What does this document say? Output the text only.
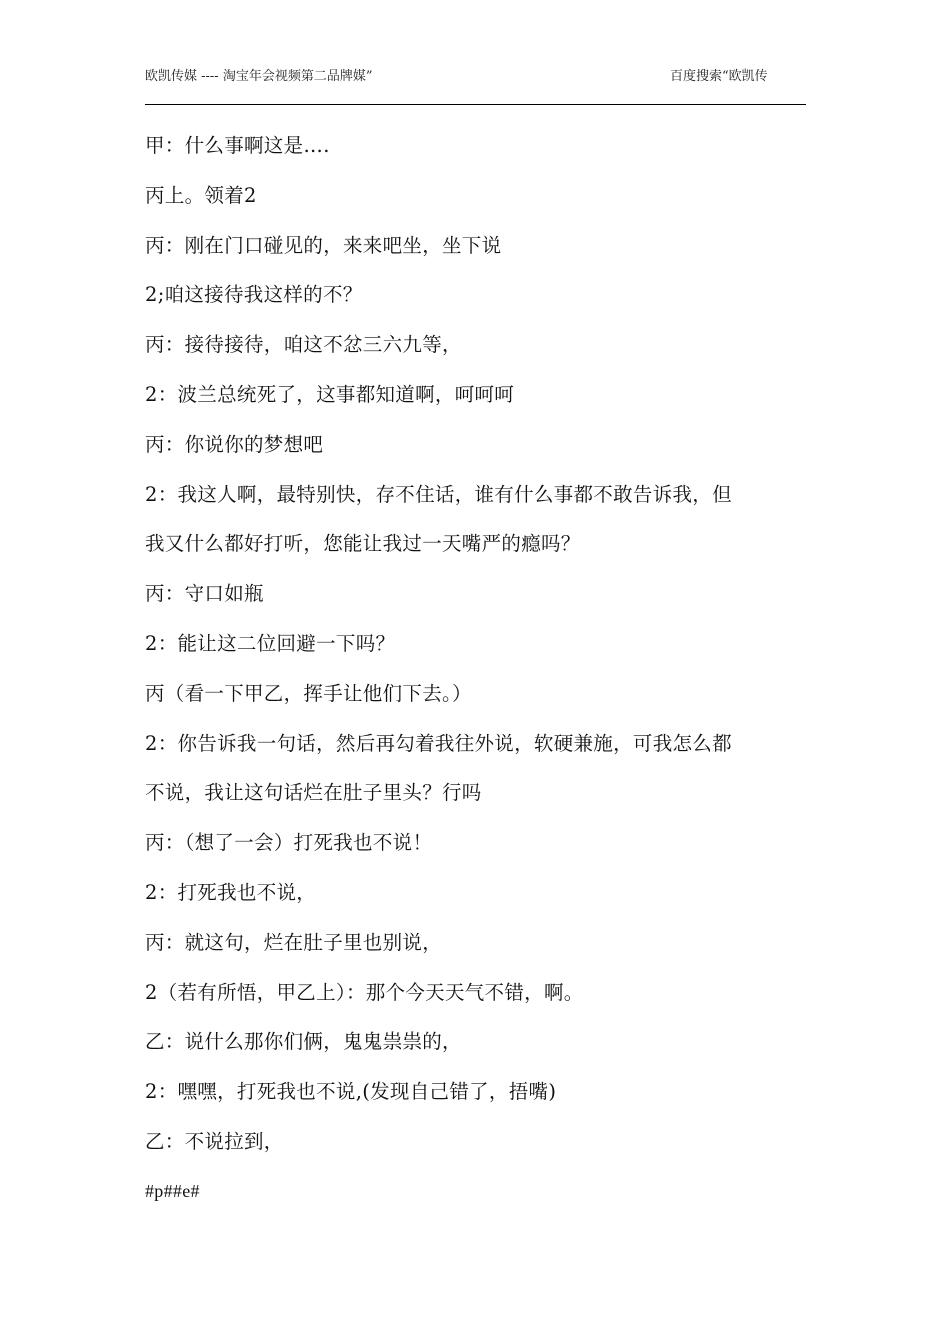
欧凯传媒 ---- 淘宝年会视频第二品牌媒”	百度搜索“欧凯传
甲：什么事啊这是….
丙上。领着2
丙：刚在门口碰见的，来来吧坐，坐下说
2;咱这接待我这样的不？
丙：接待接待，咱这不忿三六九等，
2：波兰总统死了，这事都知道啊，呵呵呵
丙：你说你的梦想吧
2：我这人啊，最特别快，存不住话，谁有什么事都不敢告诉我，但
我又什么都好打听，您能让我过一天嘴严的瘾吗？
丙：守口如瓶
2：能让这二位回避一下吗？
丙（看一下甲乙，挥手让他们下去。）
2：你告诉我一句话，然后再勾着我往外说，软硬兼施，可我怎么都
不说，我让这句话烂在肚子里头？行吗
丙：（想了一会）打死我也不说！
2：打死我也不说，
丙：就这句，烂在肚子里也别说，
2（若有所悟，甲乙上）：那个今天天气不错，啊。
乙：说什么那你们俩，鬼鬼祟祟的，
2：嘿嘿，打死我也不说,(发现自己错了，捂嘴)
乙：不说拉到，
#p##e#
